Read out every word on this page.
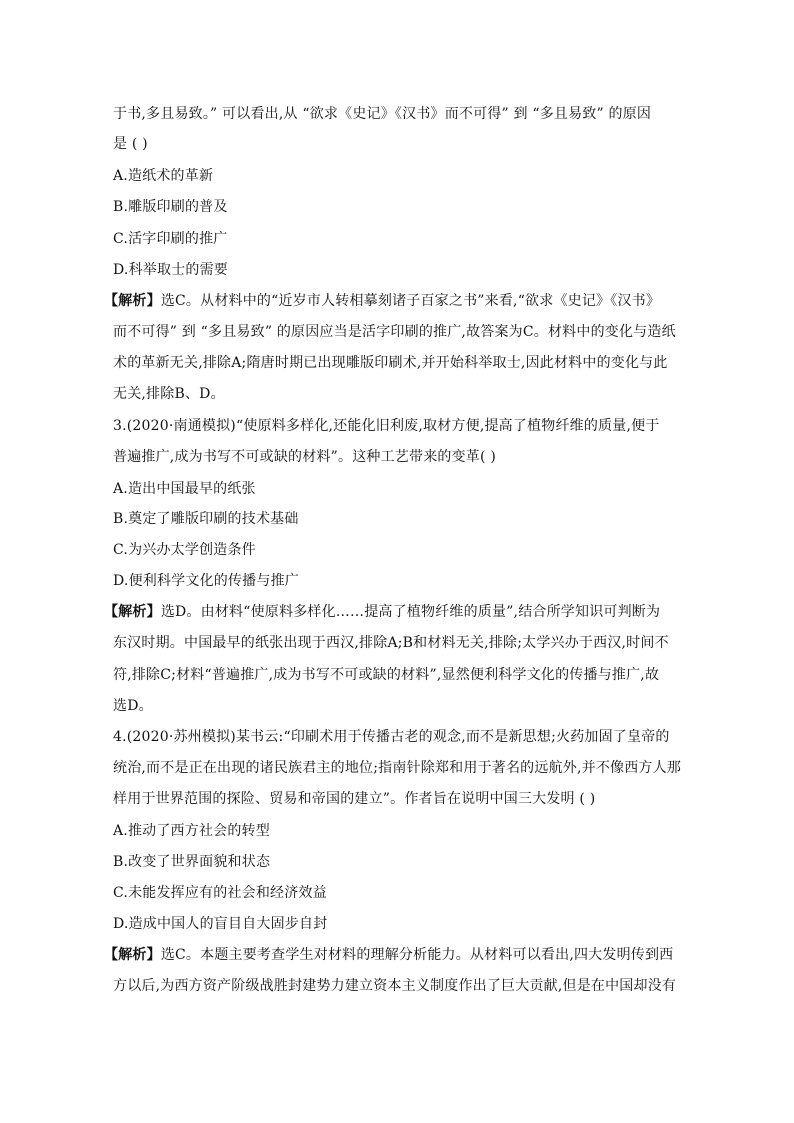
于书,多且易致。” 可以看出,从 “欲求《史记》《汉书》而不可得” 到 “多且易致” 的原因
是 ( )
A.造纸术的革新
B.雕版印刷的普及
C.活字印刷的推广
D.科举取士的需要
【解析】选C。从材料中的“近岁市人转相摹刻诸子百家之书”来看,“欲求《史记》《汉书》
而不可得” 到 “多且易致” 的原因应当是活字印刷的推广,故答案为C。材料中的变化与造纸
术的革新无关,排除A;隋唐时期已出现雕版印刷术,并开始科举取士,因此材料中的变化与此
无关,排除B、D。
3.(2020·南通模拟)“使原料多样化,还能化旧利废,取材方便,提高了植物纤维的质量,便于
普遍推广,成为书写不可或缺的材料”。这种工艺带来的变革( )
A.造出中国最早的纸张
B.奠定了雕版印刷的技术基础
C.为兴办太学创造条件
D.便利科学文化的传播与推广
【解析】选D。由材料“使原料多样化……提高了植物纤维的质量”,结合所学知识可判断为
东汉时期。中国最早的纸张出现于西汉,排除A;B和材料无关,排除;太学兴办于西汉,时间不
符,排除C;材料“普遍推广,成为书写不可或缺的材料”,显然便利科学文化的传播与推广,故
选D。
4.(2020·苏州模拟)某书云:“印刷术用于传播古老的观念,而不是新思想;火药加固了皇帝的
统治,而不是正在出现的诸民族君主的地位;指南针除郑和用于著名的远航外,并不像西方人那
样用于世界范围的探险、贸易和帝国的建立”。作者旨在说明中国三大发明 ( )
A.推动了西方社会的转型
B.改变了世界面貌和状态
C.未能发挥应有的社会和经济效益
D.造成中国人的盲目自大固步自封
【解析】选C。本题主要考查学生对材料的理解分析能力。从材料可以看出,四大发明传到西
方以后,为西方资产阶级战胜封建势力建立资本主义制度作出了巨大贡献,但是在中国却没有
